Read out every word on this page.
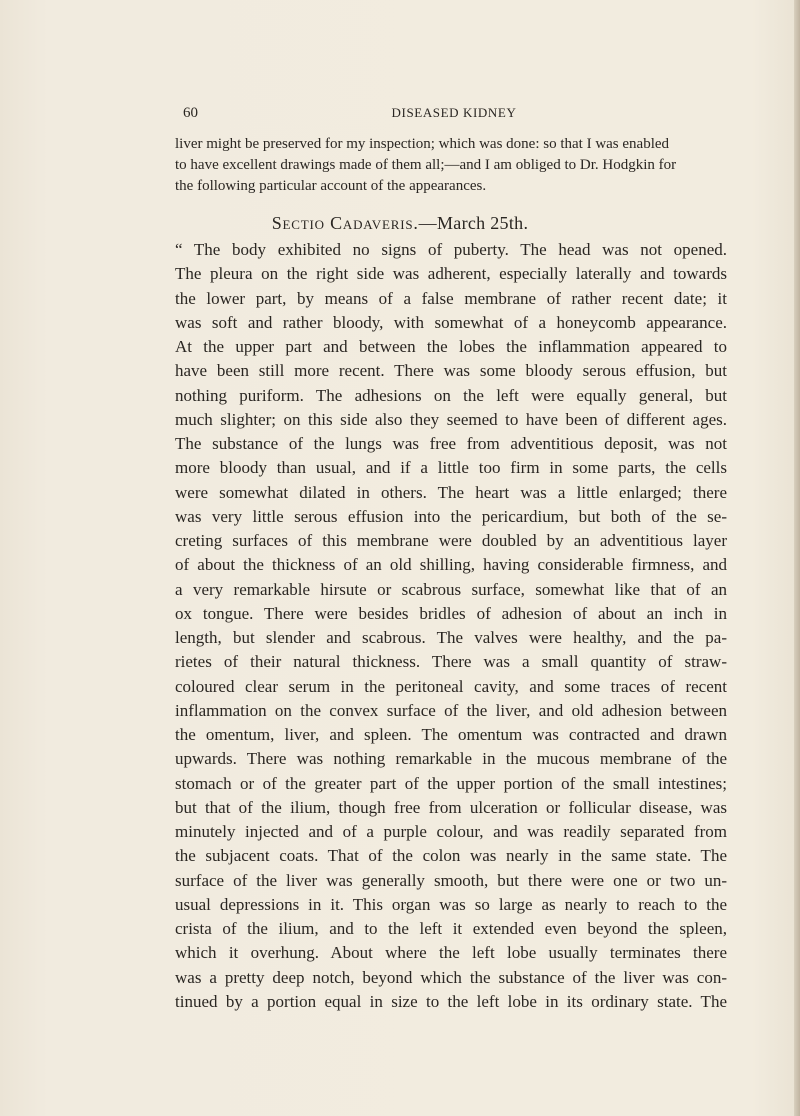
60	DISEASED KIDNEY
liver might be preserved for my inspection; which was done: so that I was enabled
to have excellent drawings made of them all;—and I am obliged to Dr. Hodgkin for
the following particular account of the appearances.
Sectio Cadaveris.—March 25th.
“ The body exhibited no signs of puberty. The head was not opened.
The pleura on the right side was adherent, especially laterally and towards
the lower part, by means of a false membrane of rather recent date; it
was soft and rather bloody, with somewhat of a honeycomb appearance.
At the upper part and between the lobes the inflammation appeared to
have been still more recent. There was some bloody serous effusion, but
nothing puriform. The adhesions on the left were equally general, but
much slighter; on this side also they seemed to have been of different ages.
The substance of the lungs was free from adventitious deposit, was not
more bloody than usual, and if a little too firm in some parts, the cells
were somewhat dilated in others. The heart was a little enlarged; there
was very little serous effusion into the pericardium, but both of the se-
creting surfaces of this membrane were doubled by an adventitious layer
of about the thickness of an old shilling, having considerable firmness, and
a very remarkable hirsute or scabrous surface, somewhat like that of an
ox tongue. There were besides bridles of adhesion of about an inch in
length, but slender and scabrous. The valves were healthy, and the pa-
rietes of their natural thickness. There was a small quantity of straw-
coloured clear serum in the peritoneal cavity, and some traces of recent
inflammation on the convex surface of the liver, and old adhesion between
the omentum, liver, and spleen. The omentum was contracted and drawn
upwards. There was nothing remarkable in the mucous membrane of the
stomach or of the greater part of the upper portion of the small intestines;
but that of the ilium, though free from ulceration or follicular disease, was
minutely injected and of a purple colour, and was readily separated from
the subjacent coats. That of the colon was nearly in the same state. The
surface of the liver was generally smooth, but there were one or two un-
usual depressions in it. This organ was so large as nearly to reach to the
crista of the ilium, and to the left it extended even beyond the spleen,
which it overhung. About where the left lobe usually terminates there
was a pretty deep notch, beyond which the substance of the liver was con-
tinued by a portion equal in size to the left lobe in its ordinary state. The
